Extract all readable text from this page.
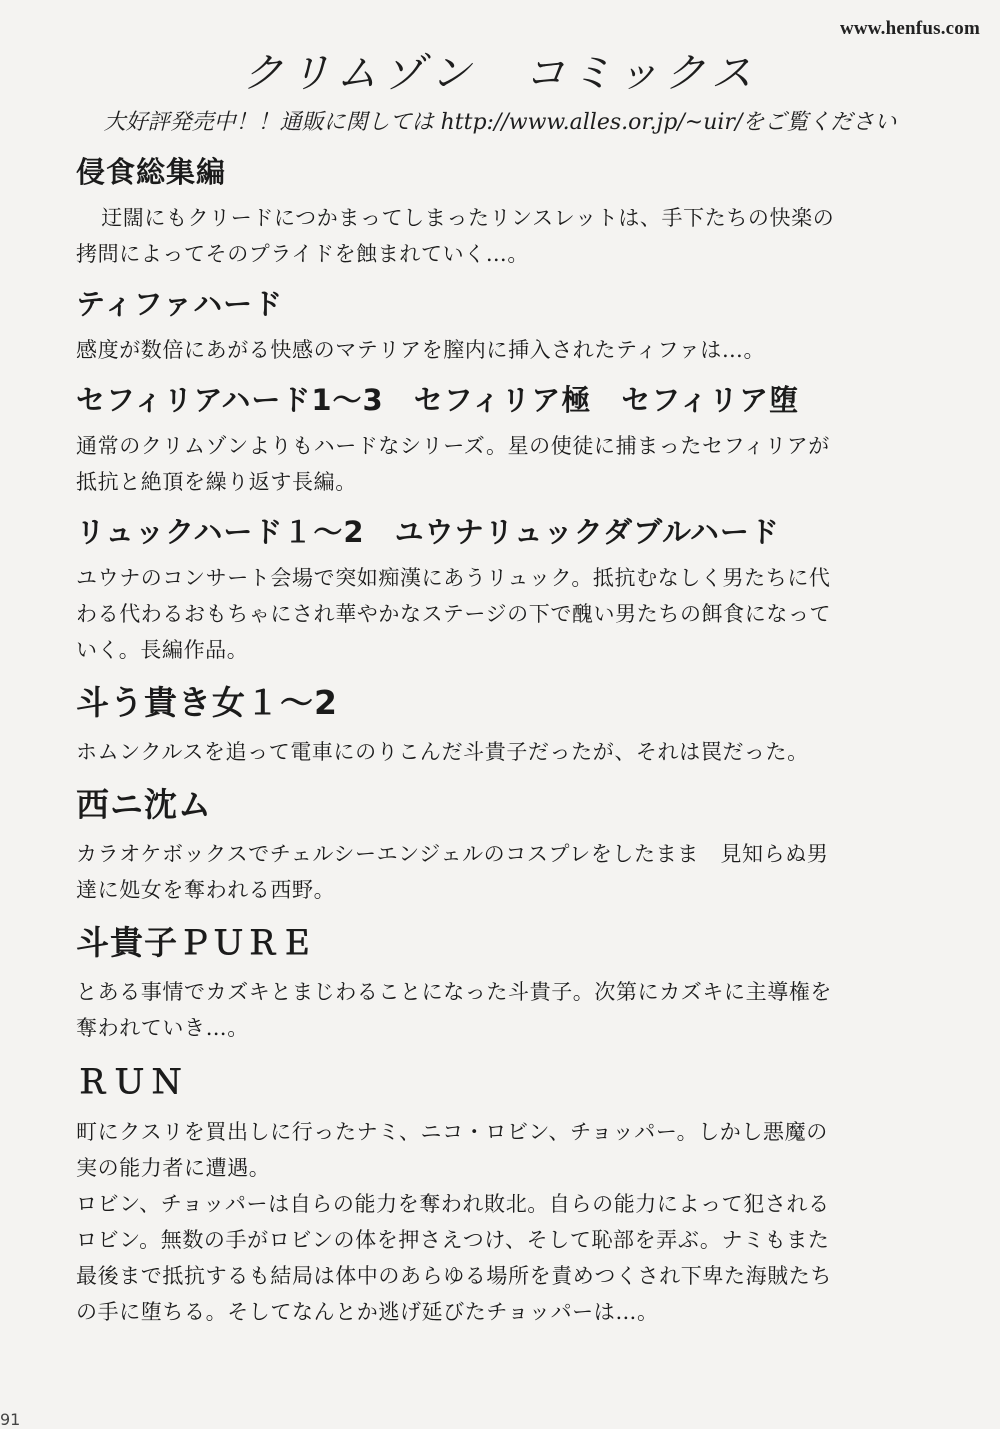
www.henfus.com
クリムゾン　コミックス
大好評発売中！！通販に関しては http://www.alles.or.jp/~uir/をご覧ください
侵食総集編
迂闊にもクリードにつかまってしまったリンスレットは、手下たちの快楽の
拷問によってそのプライドを蝕まれていく…。
ティファハード
感度が数倍にあがる快感のマテリアを膣内に挿入されたティファは…。
セフィリアハード1～3　セフィリア極　セフィリア堕
通常のクリムゾンよりもハードなシリーズ。星の使徒に捕まったセフィリアが
抵抗と絶頂を繰り返す長編。
リュックハード１～2　ユウナリュックダブルハード
ユウナのコンサート会場で突如痴漢にあうリュック。抵抗むなしく男たちに代
わる代わるおもちゃにされ華やかなステージの下で醜い男たちの餌食になって
いく。長編作品。
斗う貴き女１～2
ホムンクルスを追って電車にのりこんだ斗貴子だったが、それは罠だった。
西ニ沈ム
カラオケボックスでチェルシーエンジェルのコスプレをしたまま　見知らぬ男
達に処女を奪われる西野。
斗貴子ＰＵＲＥ
とある事情でカズキとまじわることになった斗貴子。次第にカズキに主導権を
奪われていき…。
ＲＵＮ
町にクスリを買出しに行ったナミ、ニコ・ロビン、チョッパー。しかし悪魔の
実の能力者に遭遇。
ロビン、チョッパーは自らの能力を奪われ敗北。自らの能力によって犯される
ロビン。無数の手がロビンの体を押さえつけ、そして恥部を弄ぶ。ナミもまた
最後まで抵抗するも結局は体中のあらゆる場所を責めつくされ下卑た海賊たち
の手に堕ちる。そしてなんとか逃げ延びたチョッパーは…。
91
